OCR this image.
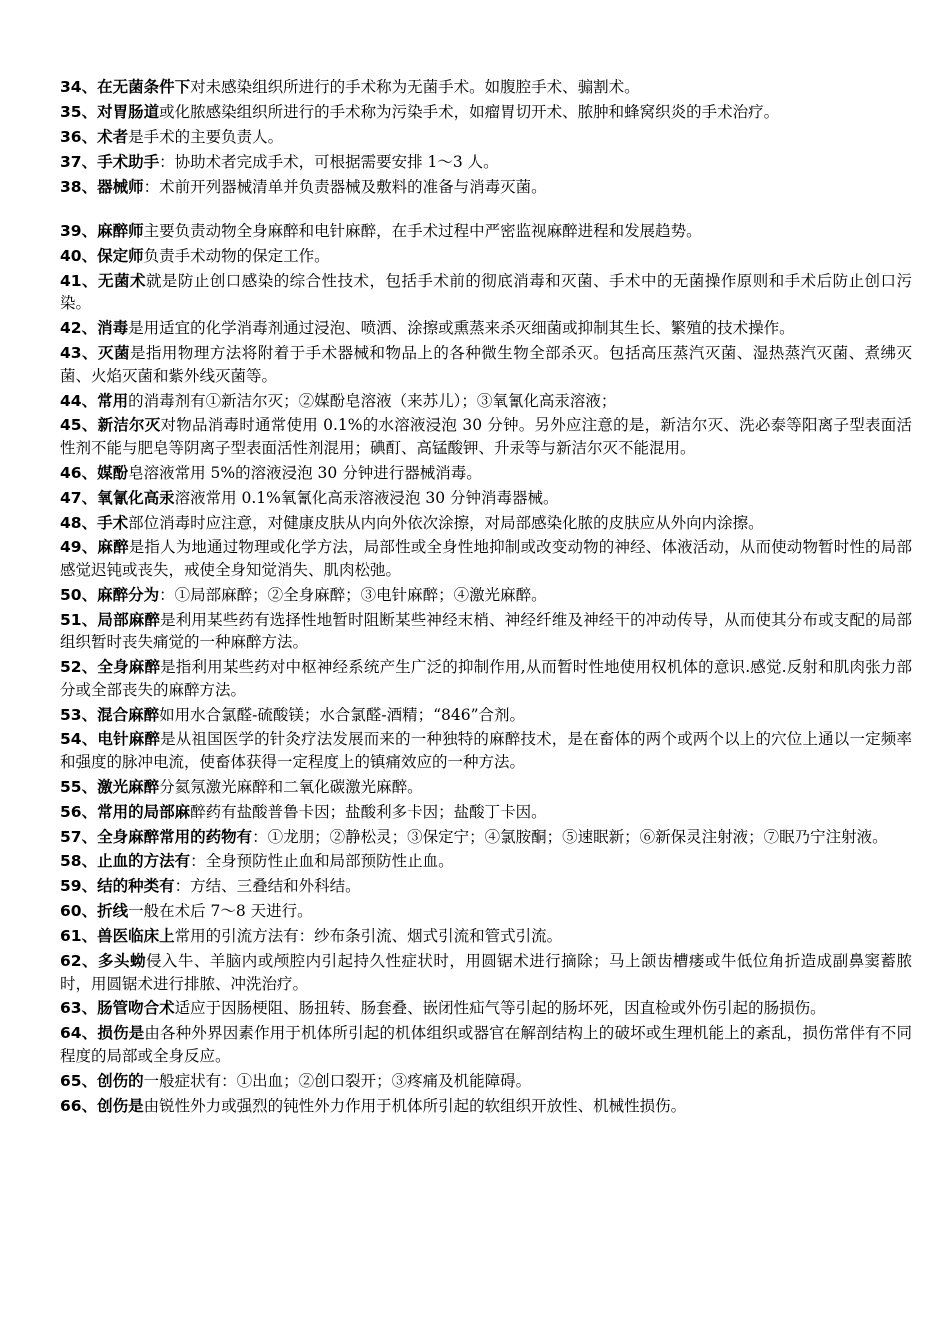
34、在无菌条件下对未感染组织所进行的手术称为无菌手术。如腹腔手术、骟割术。
35、对胃肠道或化脓感染组织所进行的手术称为污染手术，如瘤胃切开术、脓肿和蜂窝织炎的手术治疗。
36、术者是手术的主要负责人。
37、手术助手：协助术者完成手术，可根据需要安排 1～3 人。
38、器械师：术前开列器械清单并负责器械及敷料的准备与消毒灭菌。
39、麻醉师主要负责动物全身麻醉和电针麻醉，在手术过程中严密监视麻醉进程和发展趋势。
40、保定师负责手术动物的保定工作。
41、无菌术就是防止创口感染的综合性技术，包括手术前的彻底消毒和灭菌、手术中的无菌操作原则和手术后防止创口污染。
42、消毒是用适宜的化学消毒剂通过浸泡、喷洒、涂擦或熏蒸来杀灭细菌或抑制其生长、繁殖的技术操作。
43、灭菌是指用物理方法将附着于手术器械和物品上的各种微生物全部杀灭。包括高压蒸汽灭菌、湿热蒸汽灭菌、煮绋灭菌、火焰灭菌和紫外线灭菌等。
44、常用的消毒剂有①新洁尔灭；②媒酚皂溶液（来苏儿）；③氧氰化高汞溶液；
45、新洁尔灭对物品消毒时通常使用 0.1%的水溶液浸泡 30 分钟。另外应注意的是，新洁尔灭、洗必泰等阳离子型表面活性剂不能与肥皂等阴离子型表面活性剂混用；碘酊、高锰酸钾、升汞等与新洁尔灭不能混用。
46、媒酚皂溶液常用 5%的溶液浸泡 30 分钟进行器械消毒。
47、氧氰化高汞溶液常用 0.1%氧氰化高汞溶液浸泡 30 分钟消毒器械。
48、手术部位消毒时应注意，对健康皮肤从内向外依次涂擦，对局部感染化脓的皮肤应从外向内涂擦。
49、麻醉是指人为地通过物理或化学方法，局部性或全身性地抑制或改变动物的神经、体液活动，从而使动物暂时性的局部感觉迟钝或丧失，戒使全身知觉消失、肌肉松弛。
50、麻醉分为：①局部麻醉；②全身麻醉；③电针麻醉；④激光麻醉。
51、局部麻醉是利用某些药有选择性地暂时阻断某些神经末梢、神经纤维及神经干的冲动传导，从而使其分布或支配的局部组织暂时丧失痛觉的一种麻醉方法。
52、全身麻醉是指利用某些药对中枢神经系统产生广泛的抑制作用,从而暂时性地使用权机体的意识.感觉.反射和肌肉张力部分或全部丧失的麻醉方法。
53、混合麻醉如用水合氯醛-硫酸镁；水合氯醛-酒精；“846”合剂。
54、电针麻醉是从祖国医学的针灸疗法发展而来的一种独特的麻醉技术，是在畜体的两个或两个以上的穴位上通以一定频率和强度的脉冲电流，使畜体获得一定程度上的镇痛效应的一种方法。
55、激光麻醉分氦氖激光麻醉和二氧化碳激光麻醉。
56、常用的局部麻醉药有盐酸普鲁卡因；盐酸利多卡因；盐酸丁卡因。
57、全身麻醉常用的药物有：①龙朋；②静松灵；③保定宁；④氯胺酮；⑤速眠新；⑥新保灵注射液；⑦眠乃宁注射液。
58、止血的方法有：全身预防性止血和局部预防性止血。
59、结的种类有：方结、三叠结和外科结。
60、折线一般在术后 7～8 天进行。
61、兽医临床上常用的引流方法有：纱布条引流、烟式引流和管式引流。
62、多头蚴侵入牛、羊脑内或颅腔内引起持久性症状时，用圆锯术进行摘除；马上颌齿槽瘘或牛低位角折造成副鼻窦蓄脓时，用圆锯术进行排脓、冲洗治疗。
63、肠管吻合术适应于因肠梗阻、肠扭转、肠套叠、嵌闭性疝气等引起的肠坏死，因直检或外伤引起的肠损伤。
64、损伤是由各种外界因素作用于机体所引起的机体组织或器官在解剖结构上的破坏或生理机能上的紊乱，损伤常伴有不同程度的局部或全身反应。
65、创伤的一般症状有：①出血；②创口裂开；③疼痛及机能障碍。
66、创伤是由锐性外力或强烈的钝性外力作用于机体所引起的软组织开放性、机械性损伤。
